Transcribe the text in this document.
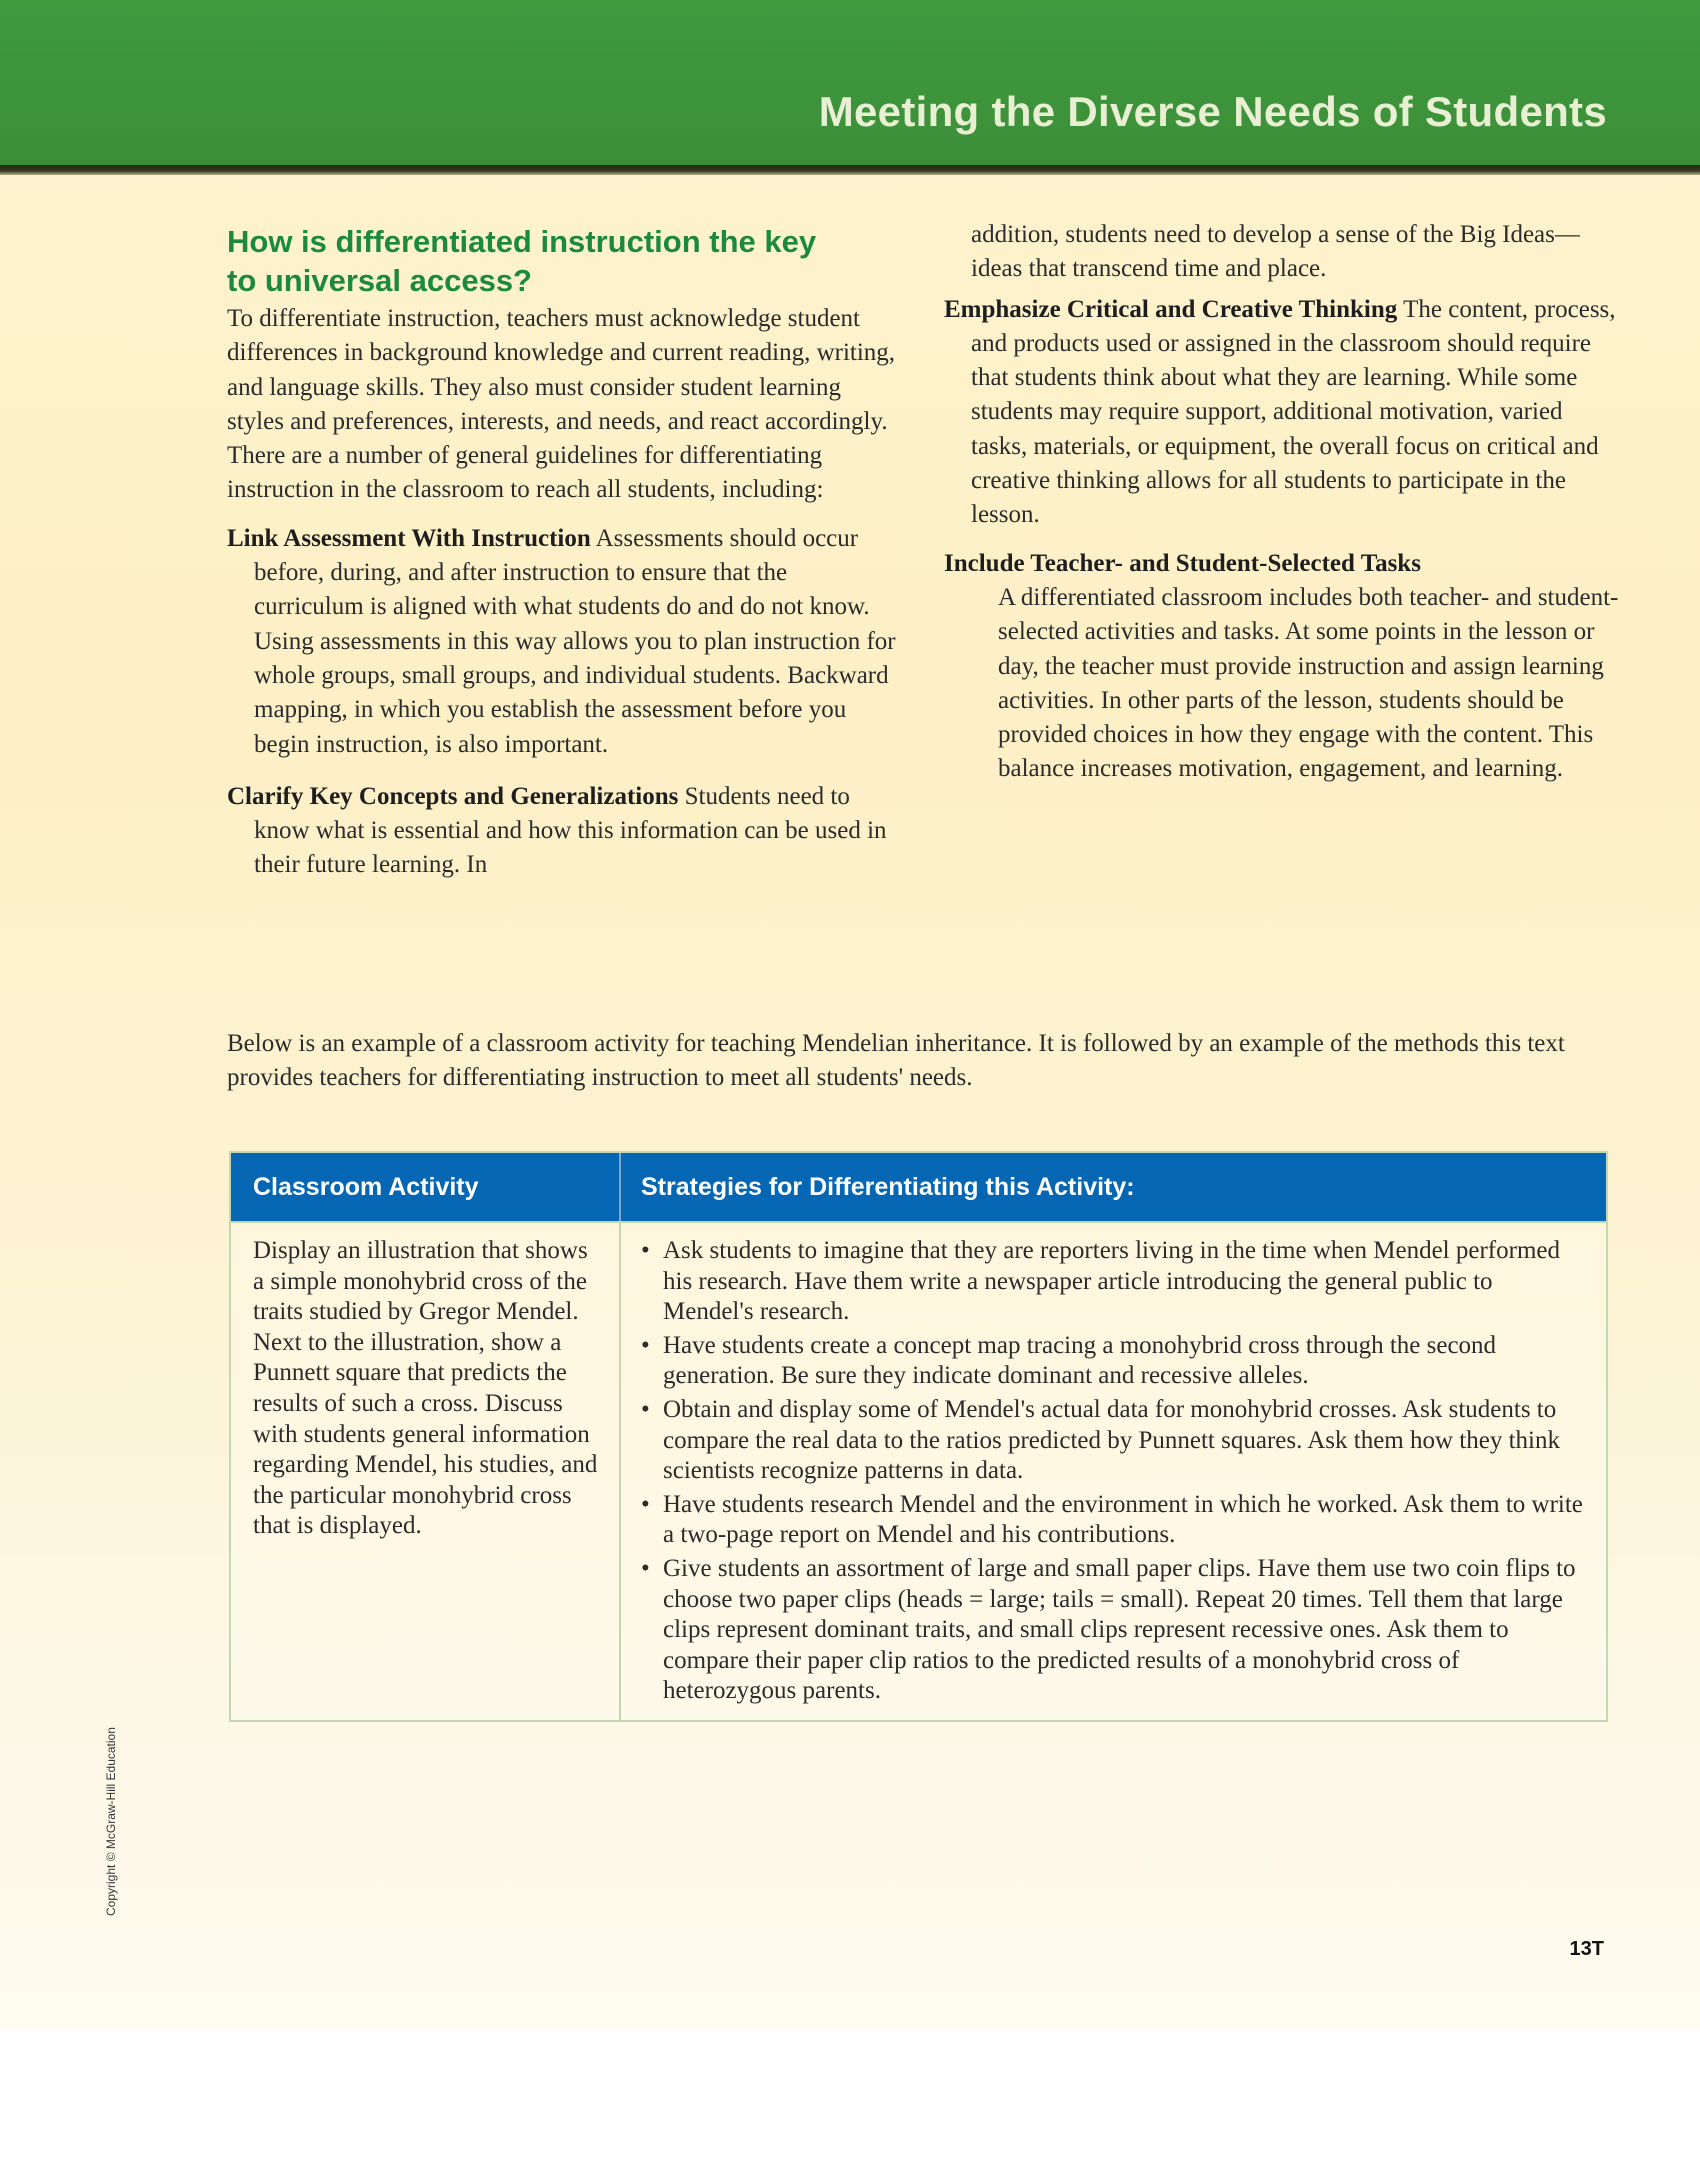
Meeting the Diverse Needs of Students
How is differentiated instruction the key to universal access?

To differentiate instruction, teachers must acknowledge student differences in background knowledge and current reading, writing, and language skills. They also must consider student learning styles and preferences, interests, and needs, and react accordingly. There are a number of general guidelines for differentiating instruction in the classroom to reach all students, including:

Link Assessment With Instruction Assessments should occur before, during, and after instruction to ensure that the curriculum is aligned with what students do and do not know. Using assessments in this way allows you to plan instruction for whole groups, small groups, and individual students. Backward mapping, in which you establish the assessment before you begin instruction, is also important.

Clarify Key Concepts and Generalizations Students need to know what is essential and how this information can be used in their future learning. In

addition, students need to develop a sense of the Big Ideas—ideas that transcend time and place.

Emphasize Critical and Creative Thinking The content, process, and products used or assigned in the classroom should require that students think about what they are learning. While some students may require support, additional motivation, varied tasks, materials, or equipment, the overall focus on critical and creative thinking allows for all students to participate in the lesson.

Include Teacher- and Student-Selected Tasks
A differentiated classroom includes both teacher- and student-selected activities and tasks. At some points in the lesson or day, the teacher must provide instruction and assign learning activities. In other parts of the lesson, students should be provided choices in how they engage with the content. This balance increases motivation, engagement, and learning.

Below is an example of a classroom activity for teaching Mendelian inheritance. It is followed by an example of the methods this text provides teachers for differentiating instruction to meet all students' needs.

Classroom Activity	Strategies for Differentiating this Activity:
Display an illustration that shows a simple monohybrid cross of the traits studied by Gregor Mendel. Next to the illustration, show a Punnett square that predicts the results of such a cross. Discuss with students general information regarding Mendel, his studies, and the particular monohybrid cross that is displayed.
• Ask students to imagine that they are reporters living in the time when Mendel performed his research. Have them write a newspaper article introducing the general public to Mendel's research.
• Have students create a concept map tracing a monohybrid cross through the second generation. Be sure they indicate dominant and recessive alleles.
• Obtain and display some of Mendel's actual data for monohybrid crosses. Ask students to compare the real data to the ratios predicted by Punnett squares. Ask them how they think scientists recognize patterns in data.
• Have students research Mendel and the environment in which he worked. Ask them to write a two-page report on Mendel and his contributions.
• Give students an assortment of large and small paper clips. Have them use two coin flips to choose two paper clips (heads = large; tails = small). Repeat 20 times. Tell them that large clips represent dominant traits, and small clips represent recessive ones. Ask them to compare their paper clip ratios to the predicted results of a monohybrid cross of heterozygous parents.
Copyright © McGraw-Hill Education
13T
